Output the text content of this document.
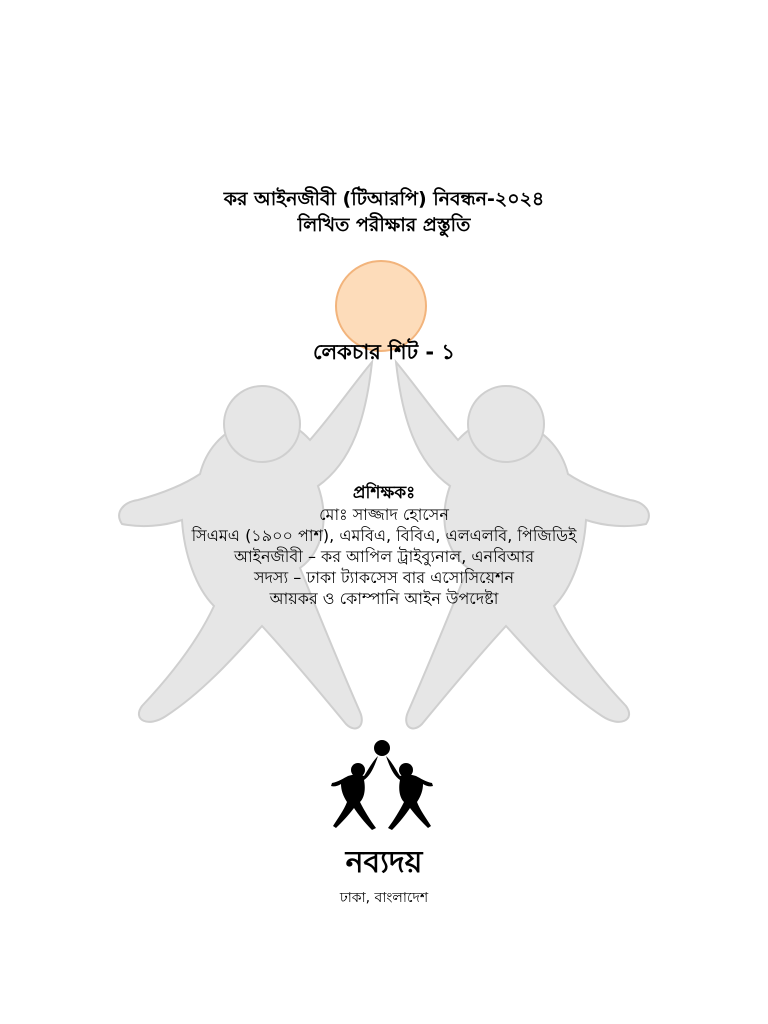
কর আইনজীবী (টিআরপি) নিবন্ধন-২০২৪
লিখিত পরীক্ষার প্রস্তুতি
লেকচার শিট - ১
প্রশিক্ষকঃ
মোঃ সাজ্জাদ হোসেন
সিএমএ (১৯০০ পাশ), এমবিএ, বিবিএ, এলএলবি, পিজিডিই
আইনজীবী – কর আপিল ট্রাইব্যুনাল, এনবিআর
সদস্য – ঢাকা ট্যাকসেস বার এসোসিয়েশন
আয়কর ও কোম্পানি আইন উপদেষ্টা
নব্যদয়
ঢাকা, বাংলাদেশ
